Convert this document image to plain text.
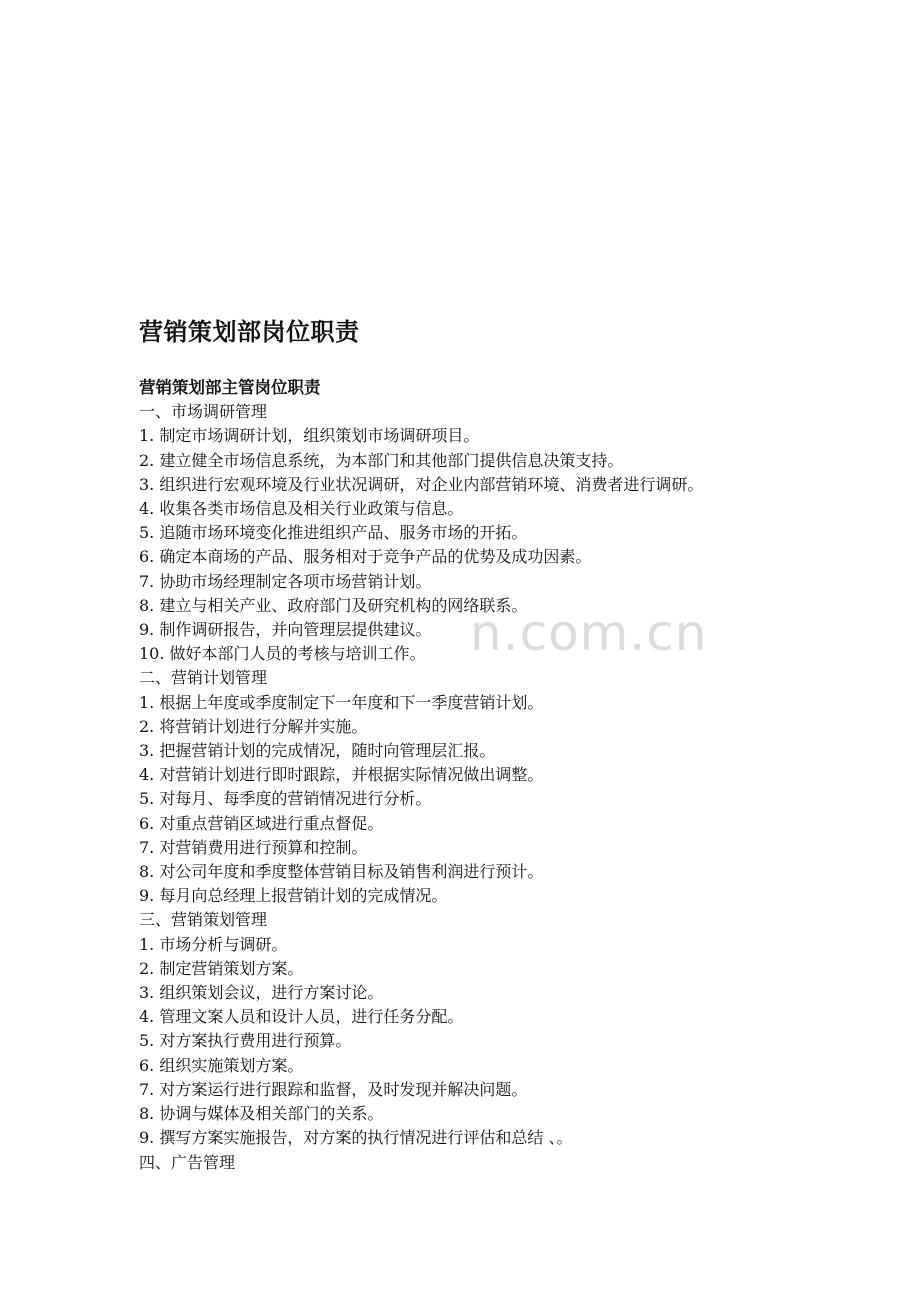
n.com.cn
营销策划部岗位职责
营销策划部主管岗位职责
一、市场调研管理
1. 制定市场调研计划，组织策划市场调研项目。
2. 建立健全市场信息系统，为本部门和其他部门提供信息决策支持。
3. 组织进行宏观环境及行业状况调研，对企业内部营销环境、消费者进行调研。
4. 收集各类市场信息及相关行业政策与信息。
5. 追随市场环境变化推进组织产品、服务市场的开拓。
6. 确定本商场的产品、服务相对于竞争产品的优势及成功因素。
7. 协助市场经理制定各项市场营销计划。
8. 建立与相关产业、政府部门及研究机构的网络联系。
9. 制作调研报告，并向管理层提供建议。
10. 做好本部门人员的考核与培训工作。
二、营销计划管理
1. 根据上年度或季度制定下一年度和下一季度营销计划。
2. 将营销计划进行分解并实施。
3. 把握营销计划的完成情况，随时向管理层汇报。
4. 对营销计划进行即时跟踪，并根据实际情况做出调整。
5. 对每月、每季度的营销情况进行分析。
6. 对重点营销区域进行重点督促。
7. 对营销费用进行预算和控制。
8. 对公司年度和季度整体营销目标及销售利润进行预计。
9. 每月向总经理上报营销计划的完成情况。
三、营销策划管理
1. 市场分析与调研。
2. 制定营销策划方案。
3. 组织策划会议，进行方案讨论。
4. 管理文案人员和设计人员，进行任务分配。
5. 对方案执行费用进行预算。
6. 组织实施策划方案。
7. 对方案运行进行跟踪和监督，及时发现并解决问题。
8. 协调与媒体及相关部门的关系。
9. 撰写方案实施报告，对方案的执行情况进行评估和总结 、。
四、广告管理
